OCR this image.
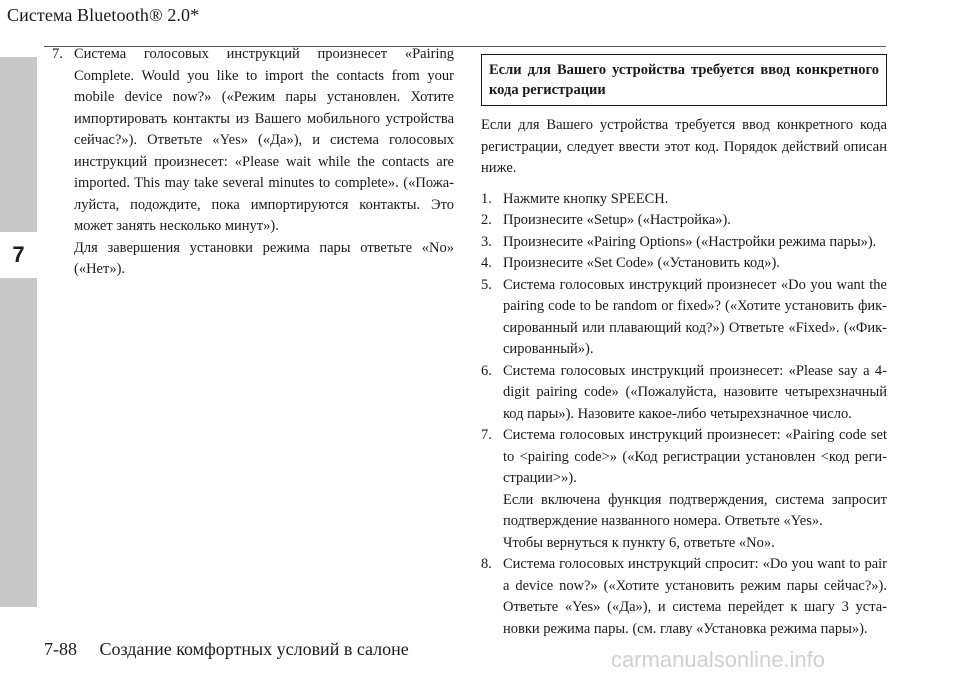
Система Bluetooth® 2.0*
7
7. Система голосовых инструкций произнесет «Pairing Complete. Would you like to import the contacts from your mobile device now?» («Режим пары установлен. Хотите импортировать контакты из Вашего мобильного устройства сейчас?»). Ответьте «Yes» («Да»), и система голосовых инструкций произнесет: «Please wait while the contacts are imported. This may take several minutes to complete». («Пожа-луйста, подождите, пока импортируются контакты. Это может занять несколько минут»).

Для завершения установки режима пары ответьте «No» («Нет»).

Если для Вашего устройства требуется ввод конкретного кода регистрации

Если для Вашего устройства требуется ввод конкретного кода регистрации, следует ввести этот код. Порядок действий описан ниже.

1. Нажмите кнопку SPEECH.

2. Произнесите «Setup» («Настройка»).

3. Произнесите «Pairing Options» («Настройки режима пары»).

4. Произнесите «Set Code» («Установить код»).

5. Система голосовых инструкций произнесет «Do you want the pairing code to be random or fixed»? («Хотите установить фик-сированный или плавающий код?») Ответьте «Fixed». («Фик-сированный»).

6. Система голосовых инструкций произнесет: «Please say a 4-digit pairing code» («Пожалуйста, назовите четырехзначный код пары»). Назовите какое-либо четырехзначное число.

7. Система голосовых инструкций произнесет: «Pairing code set to <pairing code>» («Код регистрации установлен <код реги-страции>»).

Если включена функция подтверждения, система запросит подтверждение названного номера. Ответьте «Yes».

Чтобы вернуться к пункту 6, ответьте «No».

8. Система голосовых инструкций спросит: «Do you want to pair a device now?» («Хотите установить режим пары сейчас?»). Ответьте «Yes» («Да»), и система перейдет к шагу 3 уста-новки режима пары. (см. главу «Установка режима пары»).

7-88 Создание комфортных условий в салоне	carmanualsonline.info
